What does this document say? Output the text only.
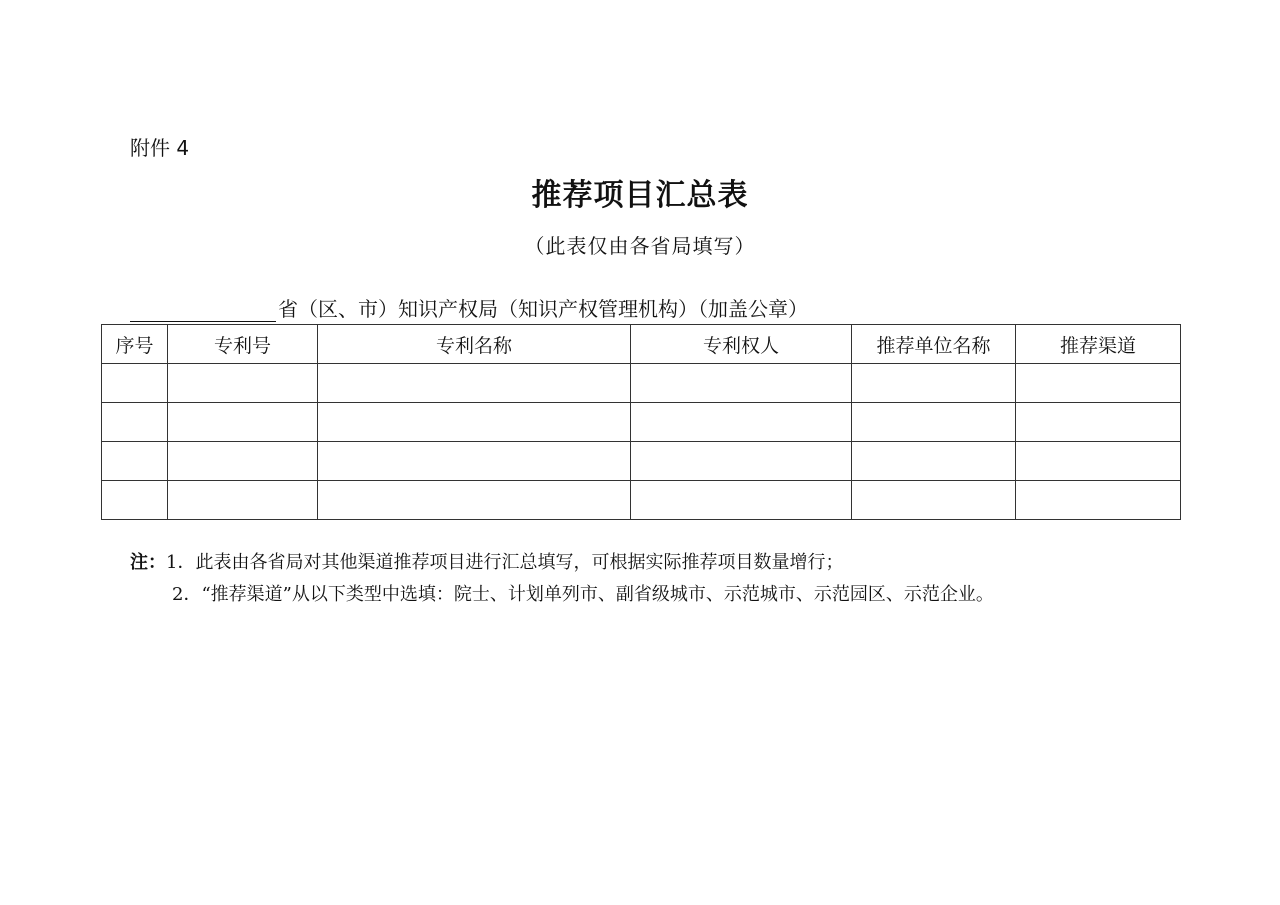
附件 4
推荐项目汇总表
（此表仅由各省局填写）
省（区、市）知识产权局（知识产权管理机构）（加盖公章）
序号	专利号	专利名称	专利权人	推荐单位名称	推荐渠道

注：1．此表由各省局对其他渠道推荐项目进行汇总填写，可根据实际推荐项目数量增行；
2．“推荐渠道”从以下类型中选填：院士、计划单列市、副省级城市、示范城市、示范园区、示范企业。
